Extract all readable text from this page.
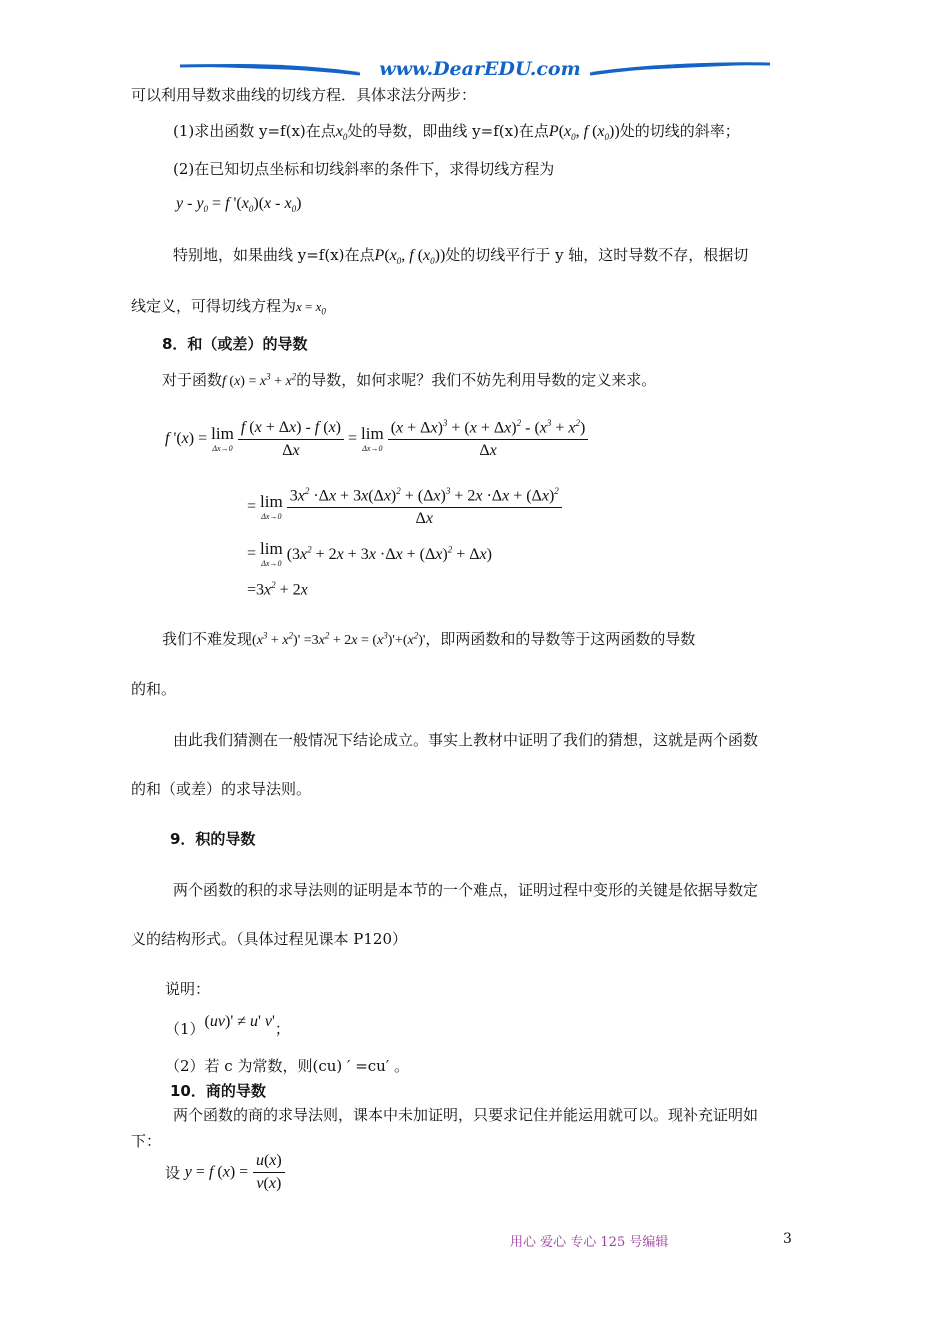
www.DearEDU.com
可以利用导数求曲线的切线方程．具体求法分两步：
(1)求出函数 y=f(x)在点$x_0$处的导数，即曲线 y=f(x)在点$P(x_0$, f $(x_0)$)处的切线的斜率；
(2)在已知切点坐标和切线斜率的条件下，求得切线方程为
$y - y_0 = f$ '$(x_0)(x - x_0)$
特别地，如果曲线 y=f(x)在点$P(x_0$, f $(x_0)$)处的切线平行于 y 轴，这时导数不存，根据切
线定义，可得切线方程为$x = x_0$
8．和（或差）的导数
对于函数f $(x) = x^3 + x^2$的导数，如何求呢？我们不妨先利用导数的定义来求。
f '(x) = lim
Δx→0
$\frac{f (x + \Delta x) - f (x)}{\Delta x} = \lim$
Δx→0
$\frac{(x + \Delta x)^3 + (x + \Delta x)^2 - (x^3 + x^2)}{\Delta x}$
= lim
Δx→0
$\frac{3x^2 \cdot\Delta x + 3x(\Delta x)^2 + (\Delta x)^3 + 2x \cdot\Delta x + (\Delta x)^2}{\Delta x}$
= lim
Δx→0
$(3x^2 + 2x + 3x \cdot\Delta x + (\Delta x)^2 + \Delta x)$
$=3x^2 + 2x$
我们不难发现$(x^3 + x^2)' =3x^2 + 2x = (x^3)'+(x^2)'$，即两函数和的导数等于这两函数的导数
的和。
由此我们猜测在一般情况下结论成立。事实上教材中证明了我们的猜想，这就是两个函数
的和（或差）的求导法则。
9．积的导数
两个函数的积的求导法则的证明是本节的一个难点，证明过程中变形的关键是依据导数定
义的结构形式。（具体过程见课本 P120）
说明：
（1）(uv)' ≠ u' v'；
（2）若 c 为常数，则(cu) ′ =cu′ 。
10．商的导数
两个函数的商的求导法则，课本中未加证明，只要求记住并能运用就可以。现补充证明如
下：
设 y = f $(x) = \frac{u(x)}{v(x)}$
用心 爱心 专心 125 号编辑	3
